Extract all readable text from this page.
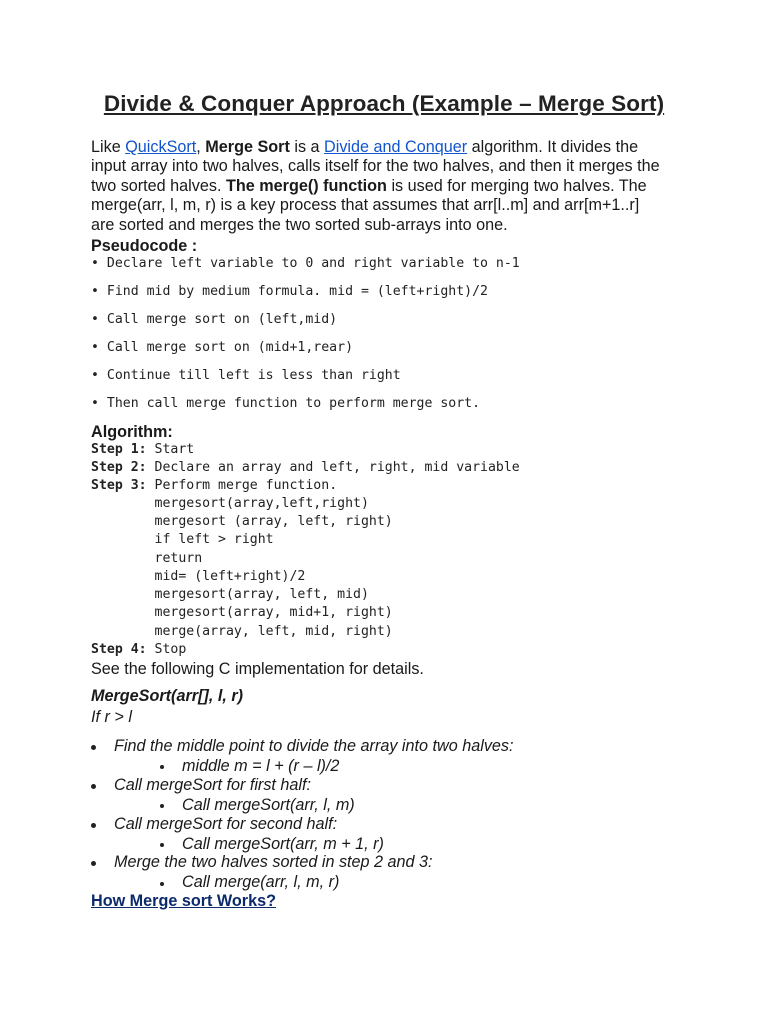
Divide & Conquer Approach (Example – Merge Sort)
Like QuickSort, Merge Sort is a Divide and Conquer algorithm. It divides the
input array into two halves, calls itself for the two halves, and then it merges the
two sorted halves. The merge() function is used for merging two halves. The
merge(arr, l, m, r) is a key process that assumes that arr[l..m] and arr[m+1..r]
are sorted and merges the two sorted sub-arrays into one.
Pseudocode :
• Declare left variable to 0 and right variable to n-1
• Find mid by medium formula. mid = (left+right)/2
• Call merge sort on (left,mid)
• Call merge sort on (mid+1,rear)
• Continue till left is less than right
• Then call merge function to perform merge sort.
Algorithm:
Step 1: Start
Step 2: Declare an array and left, right, mid variable
Step 3: Perform merge function.
mergesort(array,left,right)
mergesort (array, left, right)
if left > right
return
mid= (left+right)/2
mergesort(array, left, mid)
mergesort(array, mid+1, right)
merge(array, left, mid, right)
Step 4: Stop
See the following C implementation for details.
MergeSort(arr[], l, r)
If r > l
Find the middle point to divide the array into two halves:
middle m = l + (r – l)/2
Call mergeSort for first half:
Call mergeSort(arr, l, m)
Call mergeSort for second half:
Call mergeSort(arr, m + 1, r)
Merge the two halves sorted in step 2 and 3:
Call merge(arr, l, m, r)
How Merge sort Works?
